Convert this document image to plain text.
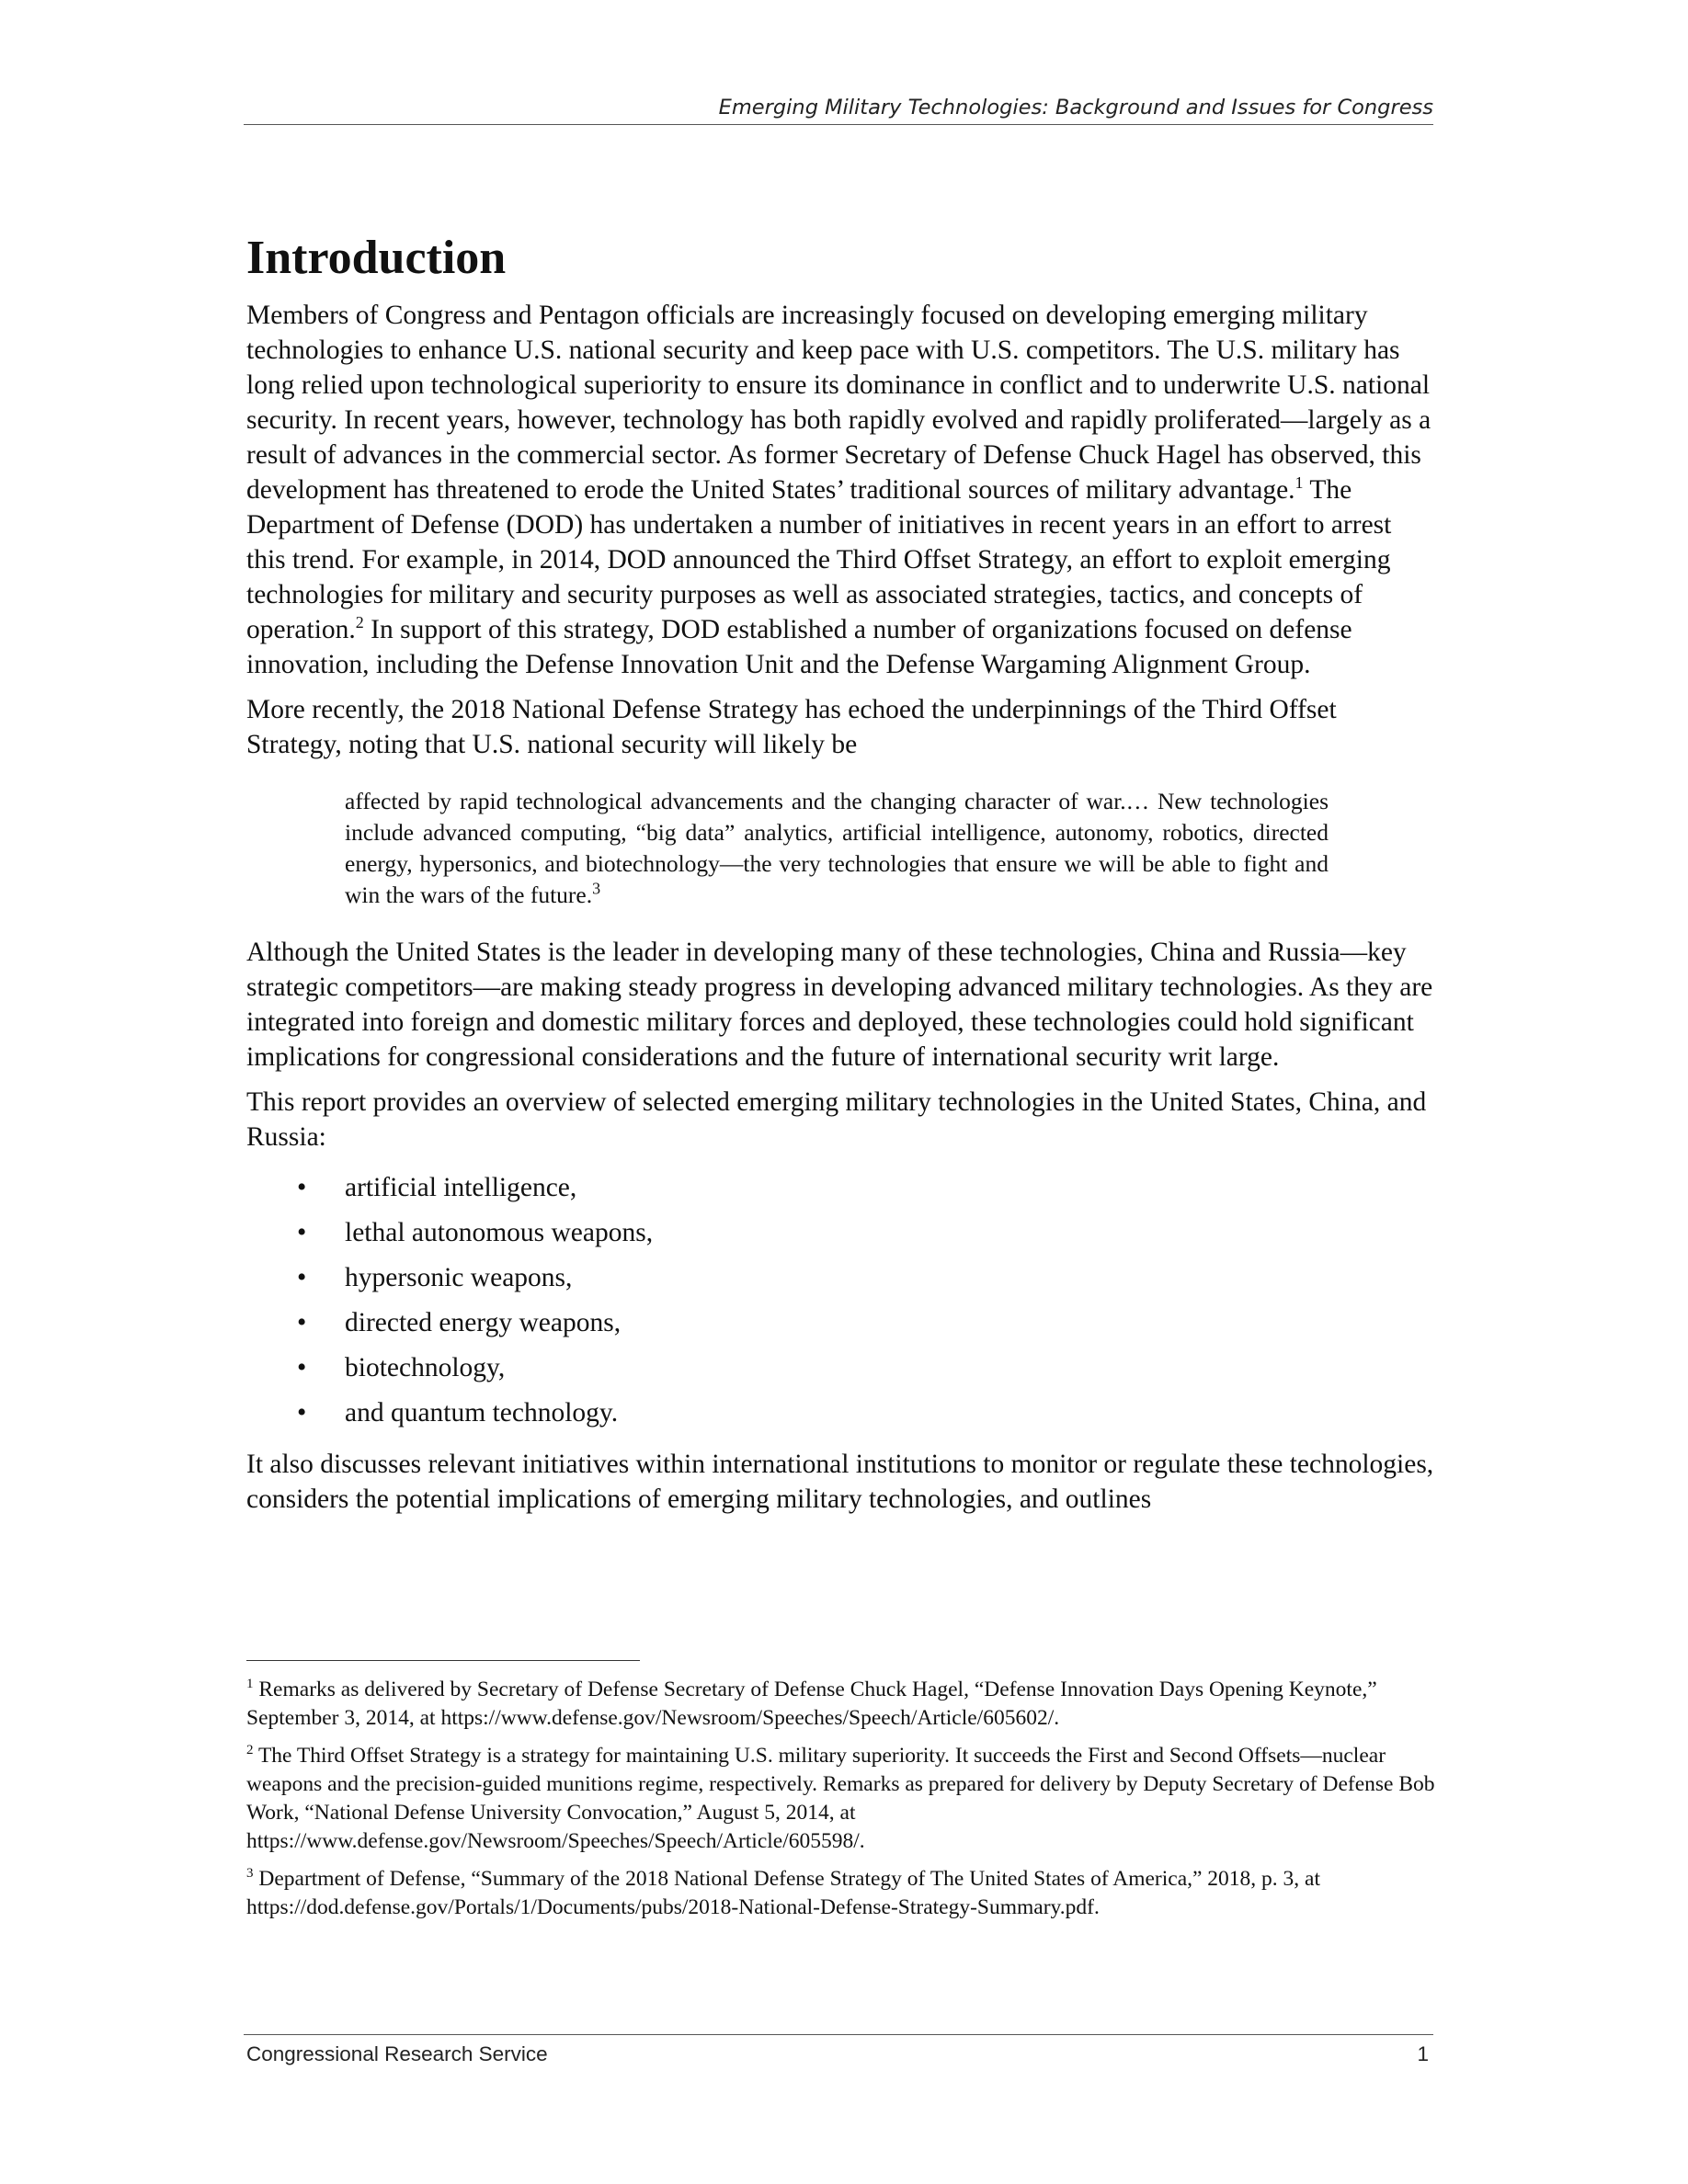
Emerging Military Technologies: Background and Issues for Congress
Introduction

Members of Congress and Pentagon officials are increasingly focused on developing emerging military technologies to enhance U.S. national security and keep pace with U.S. competitors. The U.S. military has long relied upon technological superiority to ensure its dominance in conflict and to underwrite U.S. national security. In recent years, however, technology has both rapidly evolved and rapidly proliferated—largely as a result of advances in the commercial sector. As former Secretary of Defense Chuck Hagel has observed, this development has threatened to erode the United States’ traditional sources of military advantage.$^1$ The Department of Defense (DOD) has undertaken a number of initiatives in recent years in an effort to arrest this trend. For example, in 2014, DOD announced the Third Offset Strategy, an effort to exploit emerging technologies for military and security purposes as well as associated strategies, tactics, and concepts of operation.$^2$ In support of this strategy, DOD established a number of organizations focused on defense innovation, including the Defense Innovation Unit and the Defense Wargaming Alignment Group.

More recently, the 2018 National Defense Strategy has echoed the underpinnings of the Third Offset Strategy, noting that U.S. national security will likely be

affected by rapid technological advancements and the changing character of war.… New technologies include advanced computing, “big data” analytics, artificial intelligence, autonomy, robotics, directed energy, hypersonics, and biotechnology—the very technologies that ensure we will be able to fight and win the wars of the future.$^3$

Although the United States is the leader in developing many of these technologies, China and Russia—key strategic competitors—are making steady progress in developing advanced military technologies. As they are integrated into foreign and domestic military forces and deployed, these technologies could hold significant implications for congressional considerations and the future of international security writ large.

This report provides an overview of selected emerging military technologies in the United States, China, and Russia:

• artificial intelligence,
• lethal autonomous weapons,
• hypersonic weapons,
• directed energy weapons,
• biotechnology,
• and quantum technology.

It also discusses relevant initiatives within international institutions to monitor or regulate these technologies, considers the potential implications of emerging military technologies, and outlines

$^1$ Remarks as delivered by Secretary of Defense Secretary of Defense Chuck Hagel, “Defense Innovation Days Opening Keynote,” September 3, 2014, at https://www.defense.gov/Newsroom/Speeches/Speech/Article/605602/.

$^2$ The Third Offset Strategy is a strategy for maintaining U.S. military superiority. It succeeds the First and Second Offsets—nuclear weapons and the precision-guided munitions regime, respectively. Remarks as prepared for delivery by Deputy Secretary of Defense Bob Work, “National Defense University Convocation,” August 5, 2014, at https://www.defense.gov/Newsroom/Speeches/Speech/Article/605598/.

$^3$ Department of Defense, “Summary of the 2018 National Defense Strategy of The United States of America,” 2018, p. 3, at https://dod.defense.gov/Portals/1/Documents/pubs/2018-National-Defense-Strategy-Summary.pdf.

Congressional Research Service	1
